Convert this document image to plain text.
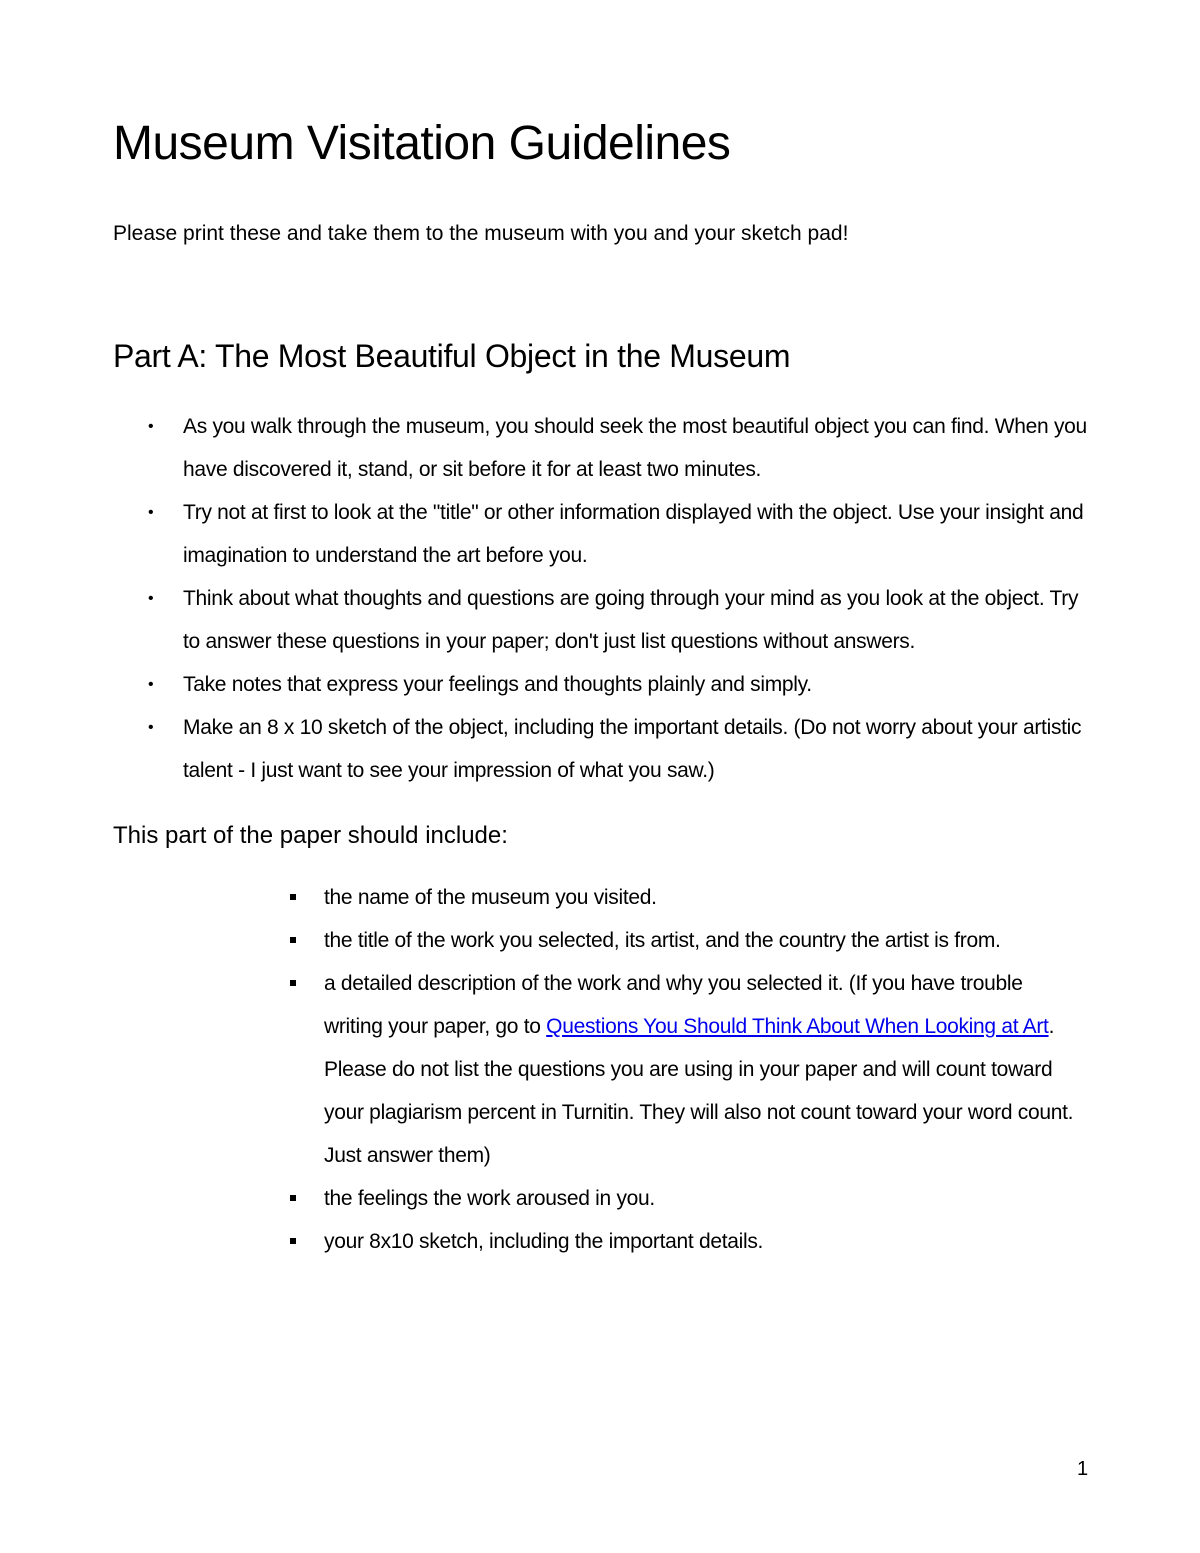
Museum Visitation Guidelines

Please print these and take them to the museum with you and your sketch pad!

Part A: The Most Beautiful Object in the Museum
• As you walk through the museum, you should seek the most beautiful object you can find. When you have discovered it, stand, or sit before it for at least two minutes.
• Try not at first to look at the "title" or other information displayed with the object. Use your insight and imagination to understand the art before you.
• Think about what thoughts and questions are going through your mind as you look at the object. Try to answer these questions in your paper; don't just list questions without answers.
• Take notes that express your feelings and thoughts plainly and simply.
• Make an 8 x 10 sketch of the object, including the important details. (Do not worry about your artistic talent - I just want to see your impression of what you saw.)
This part of the paper should include:
the name of the museum you visited.
the title of the work you selected, its artist, and the country the artist is from.
a detailed description of the work and why you selected it. (If you have trouble writing your paper, go to Questions You Should Think About When Looking at Art. Please do not list the questions you are using in your paper and will count toward your plagiarism percent in Turnitin. They will also not count toward your word count. Just answer them)
the feelings the work aroused in you.
your 8x10 sketch, including the important details.

1
